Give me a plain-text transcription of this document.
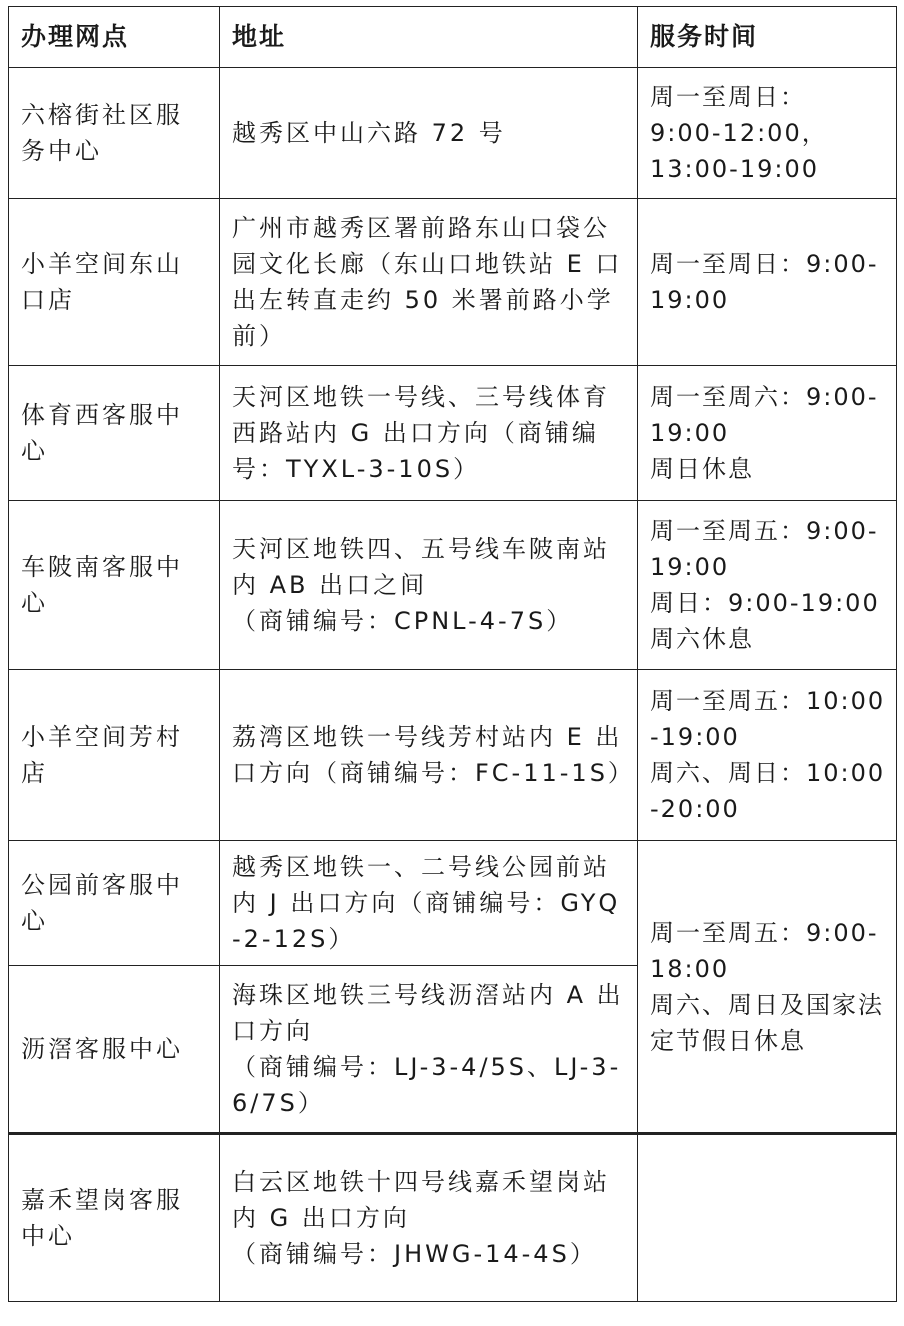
办理网点	地址	服务时间
六榕街社区服务中心	越秀区中山六路 72 号	周一至周日：
9:00-12:00，
13:00-19:00

小羊空间东山口店	广州市越秀区署前路东山口袋公园文化长廊（东山口地铁站 E 口出左转直走约 50 米署前路小学前）	周一至周日：9:00-19:00

体育西客服中心	天河区地铁一号线、三号线体育西路站内 G 出口方向（商铺编号：TYXL-3-10S）	周一至周六：9:00-19:00
周日休息

车陂南客服中心	天河区地铁四、五号线车陂南站内 AB 出口之间
（商铺编号：CPNL-4-7S）	周一至周五：9:00-19:00
周日：9:00-19:00
周六休息

小羊空间芳村店	荔湾区地铁一号线芳村站内 E 出口方向（商铺编号：FC-11-1S）	周一至周五：10:00-19:00
周六、周日：10:00-20:00

公园前客服中心	越秀区地铁一、二号线公园前站内 J 出口方向（商铺编号：GYQ-2-12S）	周一至周五：9:00-18:00
周六、周日及国家法定节假日休息

沥滘客服中心	海珠区地铁三号线沥滘站内 A 出口方向
（商铺编号：LJ-3-4/5S、LJ-3-6/7S）	

嘉禾望岗客服中心	白云区地铁十四号线嘉禾望岗站内 G 出口方向
（商铺编号：JHWG-14-4S）	
